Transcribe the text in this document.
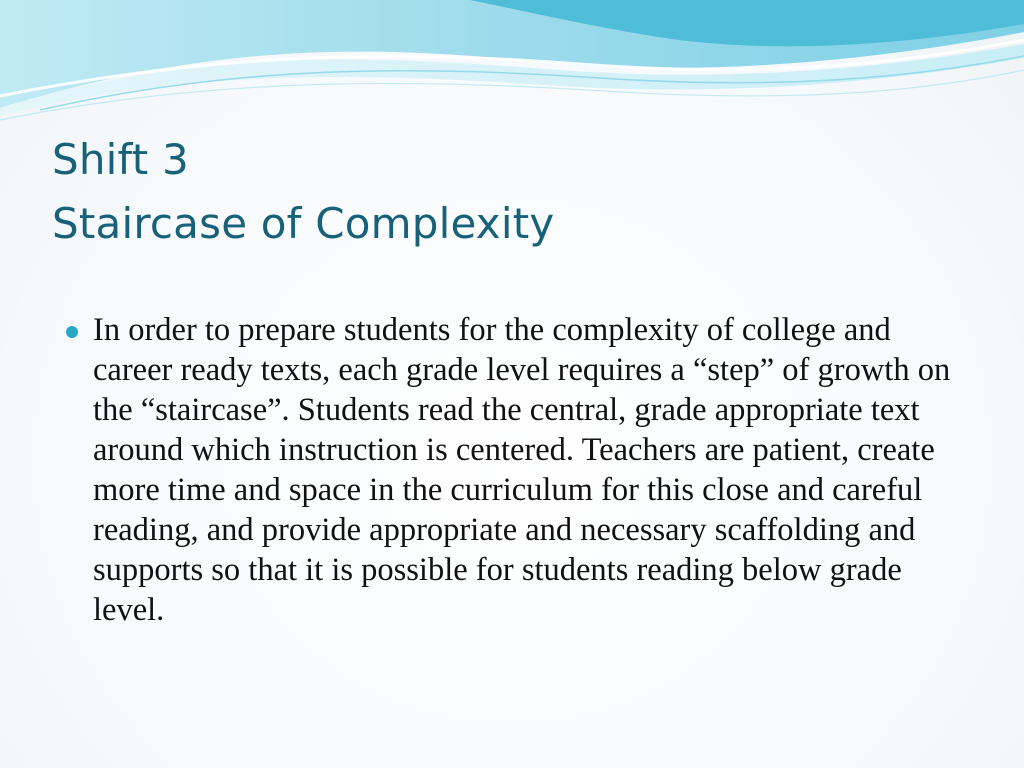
Shift 3
Staircase of Complexity
In order to prepare students for the complexity of college and career ready texts, each grade level requires a “step” of growth on the “staircase”. Students read the central, grade appropriate text around which instruction is centered. Teachers are patient, create more time and space in the curriculum for this close and careful reading, and provide appropriate and necessary scaffolding and supports so that it is possible for students reading below grade level.
